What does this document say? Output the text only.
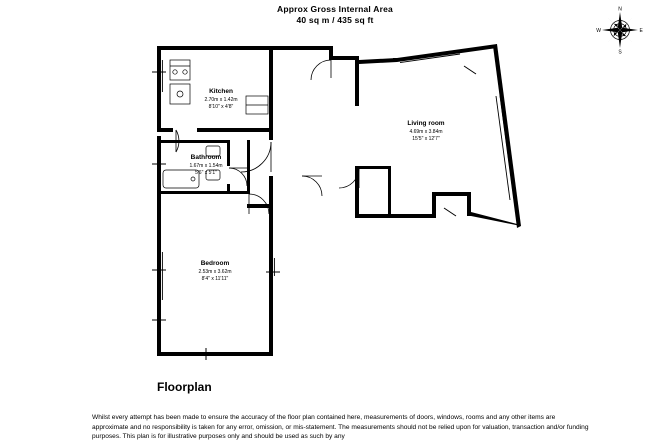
Approx Gross Internal Area
40 sq m / 435 sq ft
N
E
S
W
Kitchen
2.70m x 1.42m
8'10" x 4'8"
Bathroom
1.67m x 1.54m
5'6" x 5'1"
Living room
4.69m x 3.84m
15'5" x 12'7"
Bedroom
2.53m x 3.62m
8'4" x 11'11"
Floorplan

Whilst every attempt has been made to ensure the accuracy of the floor plan contained here, measurements of doors, windows, rooms and any other items are approximate and no responsibility is taken for any error, omission, or mis-statement. The measurements should not be relied upon for valuation, transaction and/or funding purposes. This plan is for illustrative purposes only and should be used as such by any
